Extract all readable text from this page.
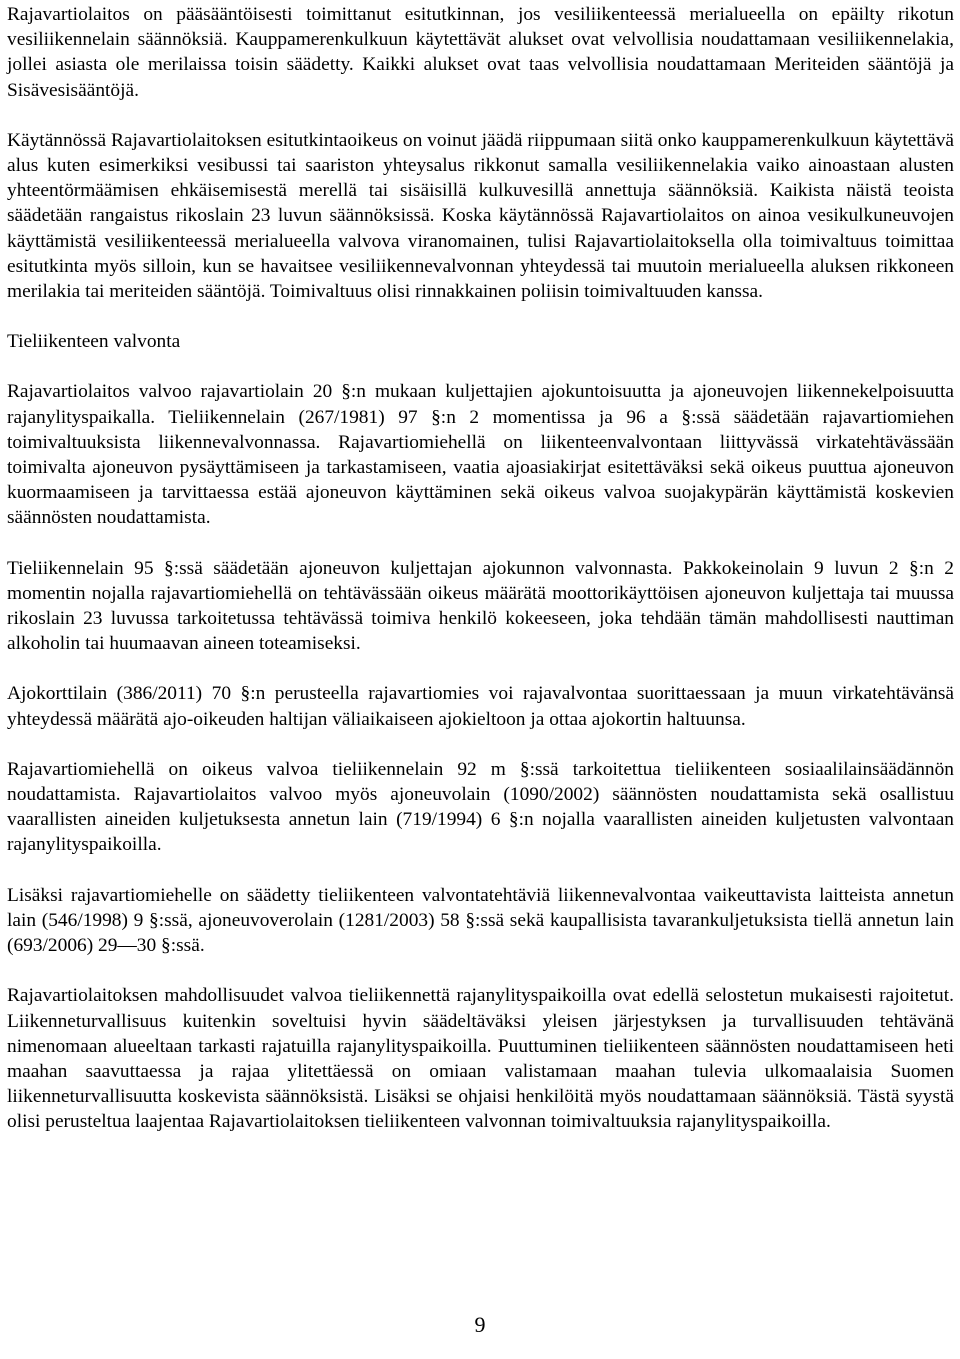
Rajavartiolaitos on pääsääntöisesti toimittanut esitutkinnan, jos vesiliikenteessä merialueella on epäilty rikotun vesiliikennelain säännöksiä. Kauppamerenkulkuun käytettävät alukset ovat velvollisia noudattamaan vesiliikennelakia, jollei asiasta ole merilaissa toisin säädetty. Kaikki alukset ovat taas velvollisia noudattamaan Meriteiden sääntöjä ja Sisävesisääntöjä.

Käytännössä Rajavartiolaitoksen esitutkintaoikeus on voinut jäädä riippumaan siitä onko kauppamerenkulkuun käytettävä alus kuten esimerkiksi vesibussi tai saariston yhteysalus rikkonut samalla vesiliikennelakia vaiko ainoastaan alusten yhteentörmäämisen ehkäisemisestä merellä tai sisäisillä kulkuvesillä annettuja säännöksiä. Kaikista näistä teoista säädetään rangaistus rikoslain 23 luvun säännöksissä. Koska käytännössä Rajavartiolaitos on ainoa vesikulkuneuvojen käyttämistä vesiliikenteessä merialueella valvova viranomainen, tulisi Rajavartiolaitoksella olla toimivaltuus toimittaa esitutkinta myös silloin, kun se havaitsee vesiliikennevalvonnan yhteydessä tai muutoin merialueella aluksen rikkoneen merilakia tai meriteiden sääntöjä. Toimivaltuus olisi rinnakkainen poliisin toimivaltuuden kanssa.

Tieliikenteen valvonta

Rajavartiolaitos valvoo rajavartiolain 20 §:n mukaan kuljettajien ajokuntoisuutta ja ajoneuvojen liikennekelpoisuutta rajanylityspaikalla. Tieliikennelain (267/1981) 97 §:n 2 momentissa ja 96 a §:ssä säädetään rajavartiomiehen toimivaltuuksista liikennevalvonnassa. Rajavartiomiehellä on liikenteenvalvontaan liittyvässä virkatehtävässään toimivalta ajoneuvon pysäyttämiseen ja tarkastamiseen, vaatia ajoasiakirjat esitettäväksi sekä oikeus puuttua ajoneuvon kuormaamiseen ja tarvittaessa estää ajoneuvon käyttäminen sekä oikeus valvoa suojakypärän käyttämistä koskevien säännösten noudattamista.

Tieliikennelain 95 §:ssä säädetään ajoneuvon kuljettajan ajokunnon valvonnasta. Pakkokeinolain 9 luvun 2 §:n 2 momentin nojalla rajavartiomiehellä on tehtävässään oikeus määrätä moottorikäyttöisen ajoneuvon kuljettaja tai muussa rikoslain 23 luvussa tarkoitetussa tehtävässä toimiva henkilö kokeeseen, joka tehdään tämän mahdollisesti nauttiman alkoholin tai huumaavan aineen toteamiseksi.

Ajokorttilain (386/2011) 70 §:n perusteella rajavartiomies voi rajavalvontaa suorittaessaan ja muun virkatehtävänsä yhteydessä määrätä ajo-oikeuden haltijan väliaikaiseen ajokieltoon ja ottaa ajokortin haltuunsa.

Rajavartiomiehellä on oikeus valvoa tieliikennelain 92 m §:ssä tarkoitettua tieliikenteen sosiaalilainsäädännön noudattamista. Rajavartiolaitos valvoo myös ajoneuvolain (1090/2002) säännösten noudattamista sekä osallistuu vaarallisten aineiden kuljetuksesta annetun lain (719/1994) 6 §:n nojalla vaarallisten aineiden kuljetusten valvontaan rajanylityspaikoilla.

Lisäksi rajavartiomiehelle on säädetty tieliikenteen valvontatehtäviä liikennevalvontaa vaikeuttavista laitteista annetun lain (546/1998) 9 §:ssä, ajoneuvoverolain (1281/2003) 58 §:ssä sekä kaupallisista tavarankuljetuksista tiellä annetun lain (693/2006) 29—30 §:ssä.

Rajavartiolaitoksen mahdollisuudet valvoa tieliikennettä rajanylityspaikoilla ovat edellä selostetun mukaisesti rajoitetut. Liikenneturvallisuus kuitenkin soveltuisi hyvin säädeltäväksi yleisen järjestyksen ja turvallisuuden tehtävänä nimenomaan alueeltaan tarkasti rajatuilla rajanylityspaikoilla. Puuttuminen tieliikenteen säännösten noudattamiseen heti maahan saavuttaessa ja rajaa ylitettäessä on omiaan valistamaan maahan tulevia ulkomaalaisia Suomen liikenneturvallisuutta koskevista säännöksistä. Lisäksi se ohjaisi henkilöitä myös noudattamaan säännöksiä. Tästä syystä olisi perusteltua laajentaa Rajavartiolaitoksen tieliikenteen valvonnan toimivaltuuksia rajanylityspaikoilla.

9
